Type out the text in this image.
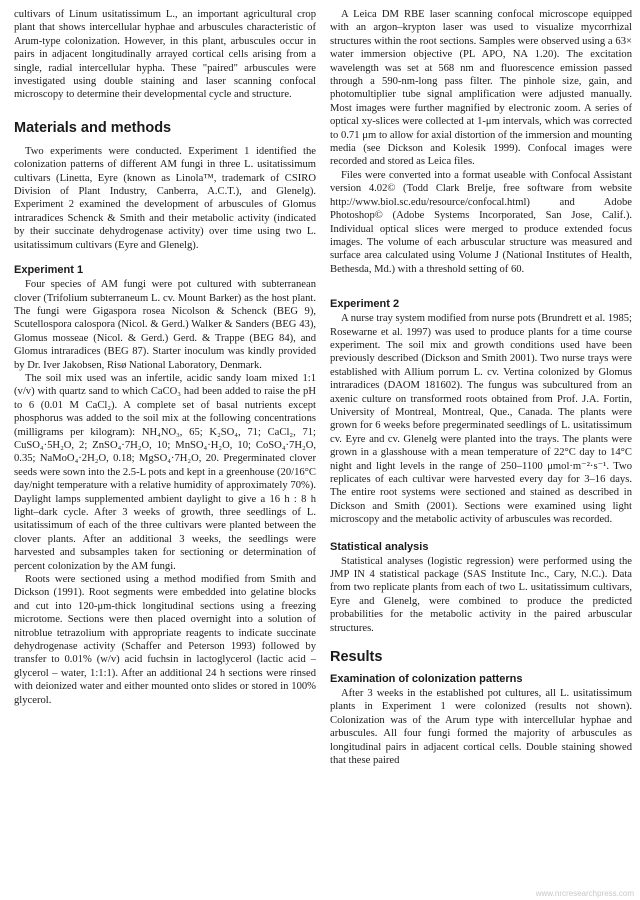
cultivars of Linum usitatissimum L., an important agricultural crop plant that shows intercellular hyphae and arbuscules characteristic of Arum-type colonization. However, in this plant, arbuscules occur in pairs in adjacent longitudinally arrayed cortical cells arising from a single, radial intercellular hypha. These "paired" arbuscules were investigated using double staining and laser scanning confocal microscopy to determine their developmental cycle and structure.

Materials and methods

Two experiments were conducted. Experiment 1 identified the colonization patterns of different AM fungi in three L. usitatissimum cultivars (Linetta, Eyre (known as Linola™, trademark of CSIRO Division of Plant Industry, Canberra, A.C.T.), and Glenelg). Experiment 2 examined the development of arbuscules of Glomus intraradices Schenck & Smith and their metabolic activity (indicated by their succinate dehydrogenase activity) over time using two L. usitatissimum cultivars (Eyre and Glenelg).

Experiment 1

Four species of AM fungi were pot cultured with subterranean clover (Trifolium subterraneum L. cv. Mount Barker) as the host plant. The fungi were Gigaspora rosea Nicolson & Schenck (BEG 9), Scutellospora calospora (Nicol. & Gerd.) Walker & Sanders (BEG 43), Glomus mosseae (Nicol. & Gerd.) Gerd. & Trappe (BEG 84), and Glomus intraradices (BEG 87). Starter inoculum was kindly provided by Dr. Iver Jakobsen, Risø National Laboratory, Denmark.

The soil mix used was an infertile, acidic sandy loam mixed 1:1 (v/v) with quartz sand to which CaCO₃ had been added to raise the pH to 6 (0.01 M CaCl₂). A complete set of basal nutrients except phosphorus was added to the soil mix at the following concentrations (milligrams per kilogram): NH₄NO₃, 65; K₂SO₄, 71; CaCl₂, 71; CuSO₄·5H₂O, 2; ZnSO₄·7H₂O, 10; MnSO₄·H₂O, 10; CoSO₄·7H₂O, 0.35; NaMoO₄·2H₂O, 0.18; MgSO₄·7H₂O, 20. Pregerminated clover seeds were sown into the 2.5-L pots and kept in a greenhouse (20/16°C day/night temperature with a relative humidity of approximately 70%). Daylight lamps supplemented ambient daylight to give a 16 h : 8 h light–dark cycle. After 3 weeks of growth, three seedlings of L. usitatissimum of each of the three cultivars were planted between the clover plants. After an additional 3 weeks, the seedlings were harvested and subsamples taken for sectioning or determination of percent colonization by the AM fungi.

Roots were sectioned using a method modified from Smith and Dickson (1991). Root segments were embedded into gelatine blocks and cut into 120-μm-thick longitudinal sections using a freezing microtome. Sections were then placed overnight into a solution of nitroblue tetrazolium with appropriate reagents to indicate succinate dehydrogenase activity (Schaffer and Peterson 1993) followed by transfer to 0.01% (w/v) acid fuchsin in lactoglycerol (lactic acid – glycerol – water, 1:1:1). After an additional 24 h sections were rinsed with deionized water and either mounted onto slides or stored in 100% glycerol.

A Leica DM RBE laser scanning confocal microscope equipped with an argon–krypton laser was used to visualize mycorrhizal structures within the root sections. Samples were observed using a 63× water immersion objective (PL APO, NA 1.20). The excitation wavelength was set at 568 nm and fluorescence emission passed through a 590-nm-long pass filter. The pinhole size, gain, and photomultiplier tube signal amplification were adjusted manually. Most images were further magnified by electronic zoom. A series of optical xy-slices were collected at 1-μm intervals, which was corrected to 0.71 μm to allow for axial distortion of the immersion and mounting media (see Dickson and Kolesik 1999). Confocal images were recorded and stored as Leica files.

Files were converted into a format useable with Confocal Assistant version 4.02© (Todd Clark Brelje, free software from website http://www.biol.sc.edu/resource/confocal.html) and Adobe Photoshop© (Adobe Systems Incorporated, San Jose, Calif.). Individual optical slices were merged to produce extended focus images. The volume of each arbuscular structure was measured and surface area calculated using Volume J (National Institutes of Health, Bethesda, Md.) with a threshold setting of 60.

Experiment 2

A nurse tray system modified from nurse pots (Brundrett et al. 1985; Rosewarne et al. 1997) was used to produce plants for a time course experiment. The soil mix and growth conditions used have been previously described (Dickson and Smith 2001). Two nurse trays were established with Allium porrum L. cv. Vertina colonized by Glomus intraradices (DAOM 181602). The fungus was subcultured from an axenic culture on transformed roots obtained from Prof. J.A. Fortin, University of Montreal, Montreal, Que., Canada. The plants were grown for 6 weeks before pregerminated seedlings of L. usitatissimum cv. Eyre and cv. Glenelg were planted into the trays. The plants were grown in a glasshouse with a mean temperature of 22°C day to 14°C night and light levels in the range of 250–1100 μmol·m⁻²·s⁻¹. Two replicates of each cultivar were harvested every day for 3–16 days. The entire root systems were sectioned and stained as described in Dickson and Smith (2001). Sections were examined using light microscopy and the metabolic activity of arbuscules was recorded.

Statistical analysis

Statistical analyses (logistic regression) were performed using the JMP IN 4 statistical package (SAS Institute Inc., Cary, N.C.). Data from two replicate plants from each of two L. usitatissimum cultivars, Eyre and Glenelg, were combined to produce the predicted probabilities for the metabolic activity in the paired arbuscular structures.

Results
Examination of colonization patterns

After 3 weeks in the established pot cultures, all L. usitatissimum plants in Experiment 1 were colonized (results not shown). Colonization was of the Arum type with intercellular hyphae and arbuscules. All four fungi formed the majority of arbuscules as longitudinal pairs in adjacent cortical cells. Double staining showed that these paired

www.nrcresearchpress.com
